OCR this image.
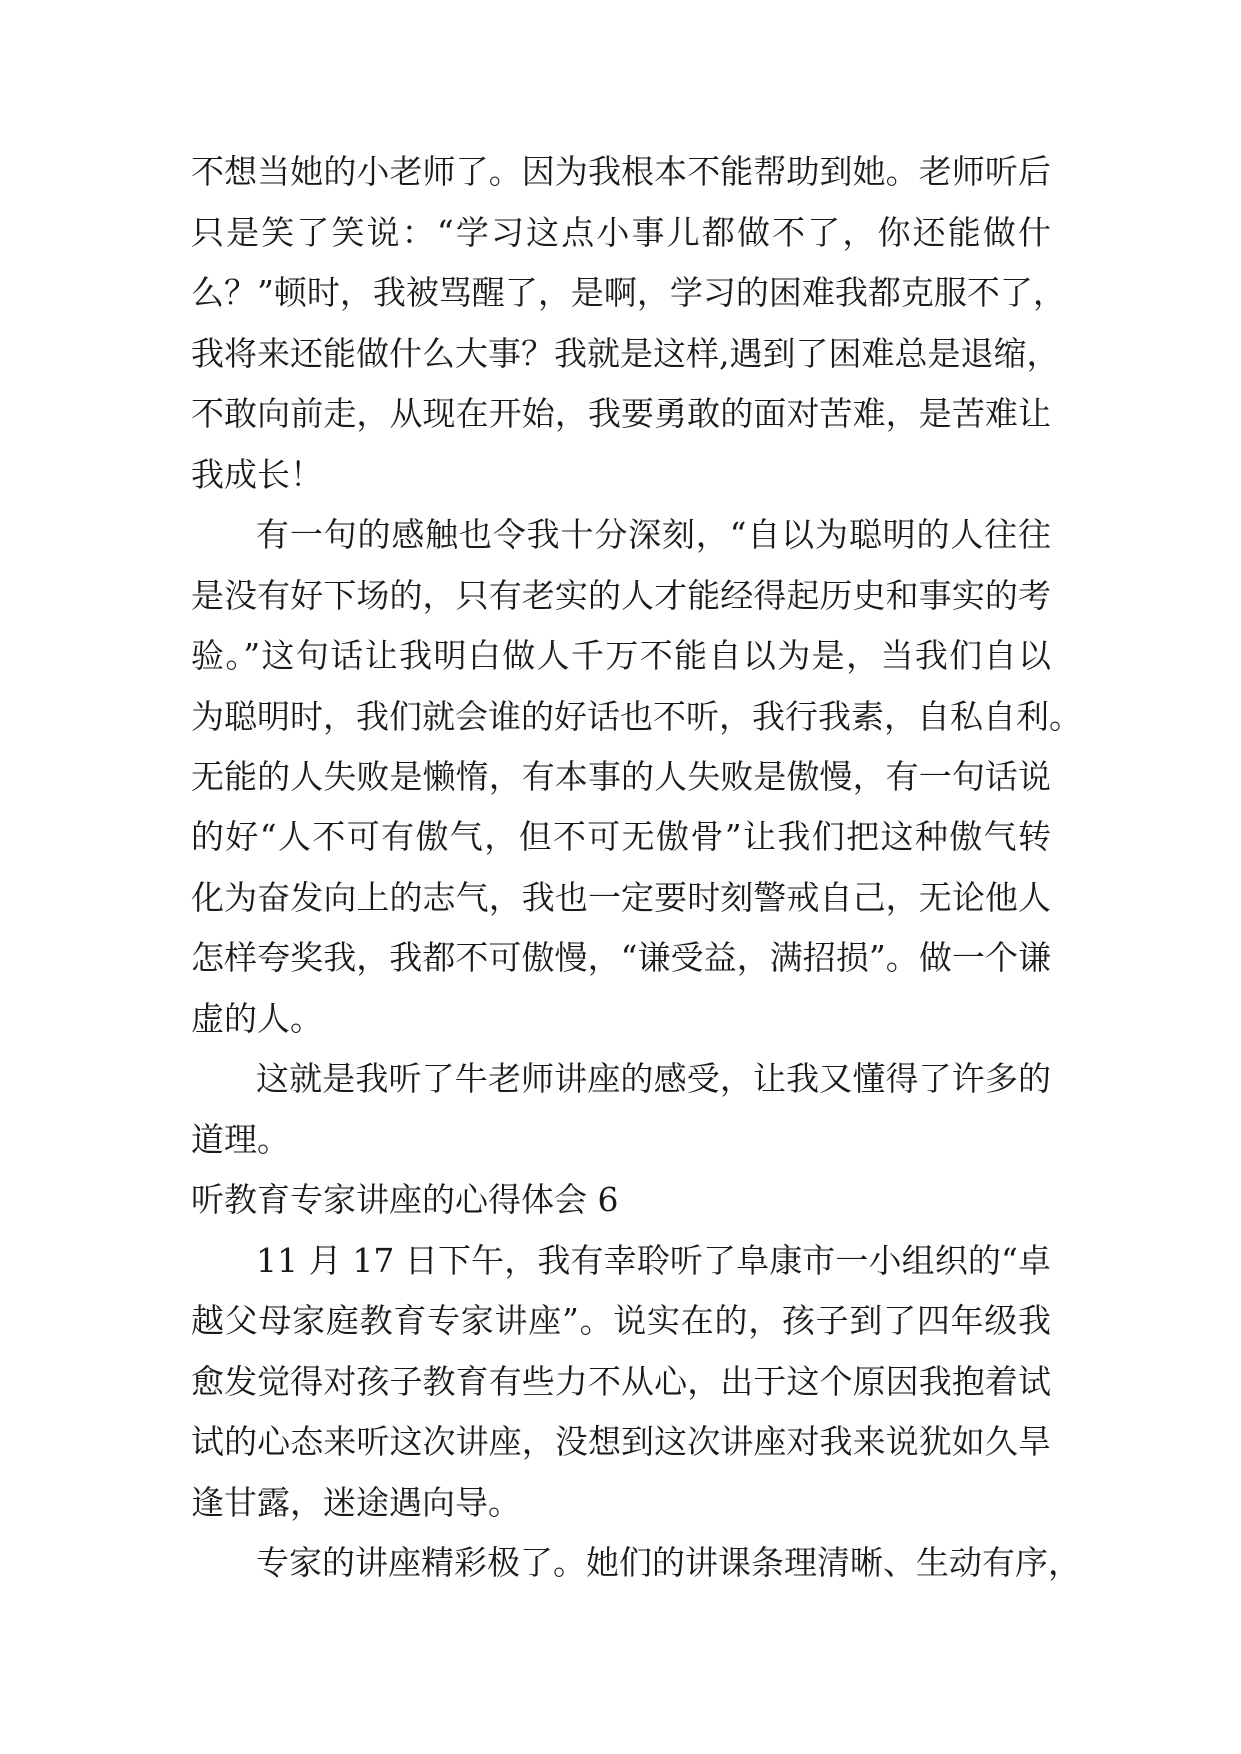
不想当她的小老师了。因为我根本不能帮助到她。老师听后
只是笑了笑说：“学习这点小事儿都做不了，你还能做什
么？”顿时，我被骂醒了，是啊，学习的困难我都克服不了，
我将来还能做什么大事？我就是这样,遇到了困难总是退缩，
不敢向前走，从现在开始，我要勇敢的面对苦难，是苦难让
我成长！
有一句的感触也令我十分深刻，“自以为聪明的人往往
是没有好下场的，只有老实的人才能经得起历史和事实的考
验。”这句话让我明白做人千万不能自以为是，当我们自以
为聪明时，我们就会谁的好话也不听，我行我素，自私自利。
无能的人失败是懒惰，有本事的人失败是傲慢，有一句话说
的好“人不可有傲气，但不可无傲骨”让我们把这种傲气转
化为奋发向上的志气，我也一定要时刻警戒自己，无论他人
怎样夸奖我，我都不可傲慢，“谦受益，满招损”。做一个谦
虚的人。
这就是我听了牛老师讲座的感受，让我又懂得了许多的
道理。
听教育专家讲座的心得体会 6
11 月 17 日下午，我有幸聆听了阜康市一小组织的“卓
越父母家庭教育专家讲座”。说实在的，孩子到了四年级我
愈发觉得对孩子教育有些力不从心，出于这个原因我抱着试
试的心态来听这次讲座，没想到这次讲座对我来说犹如久旱
逢甘露，迷途遇向导。
专家的讲座精彩极了。她们的讲课条理清晰、生动有序，
